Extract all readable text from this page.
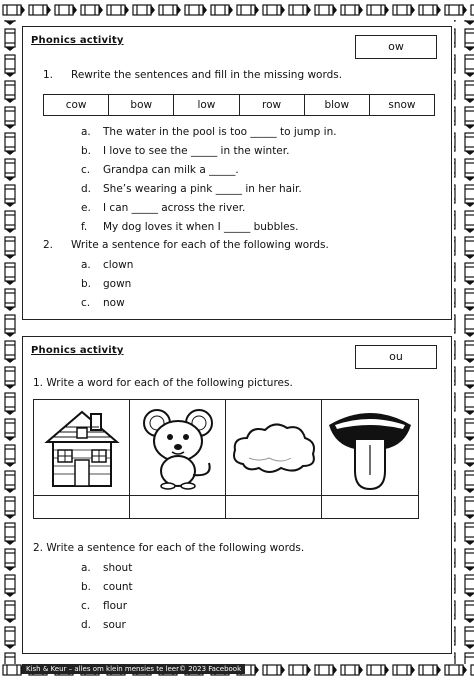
Phonics activity	ow
1. Rewrite the sentences and fill in the missing words.
cow	bow	low	row	blow	snow
a. The water in the pool is too _____ to jump in.
b. I love to see the _____ in the winter.
c. Grandpa can milk a _____.
d. She’s wearing a pink _____ in her hair.
e. I can _____ across the river.
f. My dog loves it when I _____ bubbles.
2. Write a sentence for each of the following words.
a. clown
b. gown
c. now
Phonics activity	ou
1. Write a word for each of the following pictures.
2. Write a sentence for each of the following words.
a. shout
b. count
c. flour
d. sour
Kish & Keur – alles om klein mensies te leer© 2023 Facebook
